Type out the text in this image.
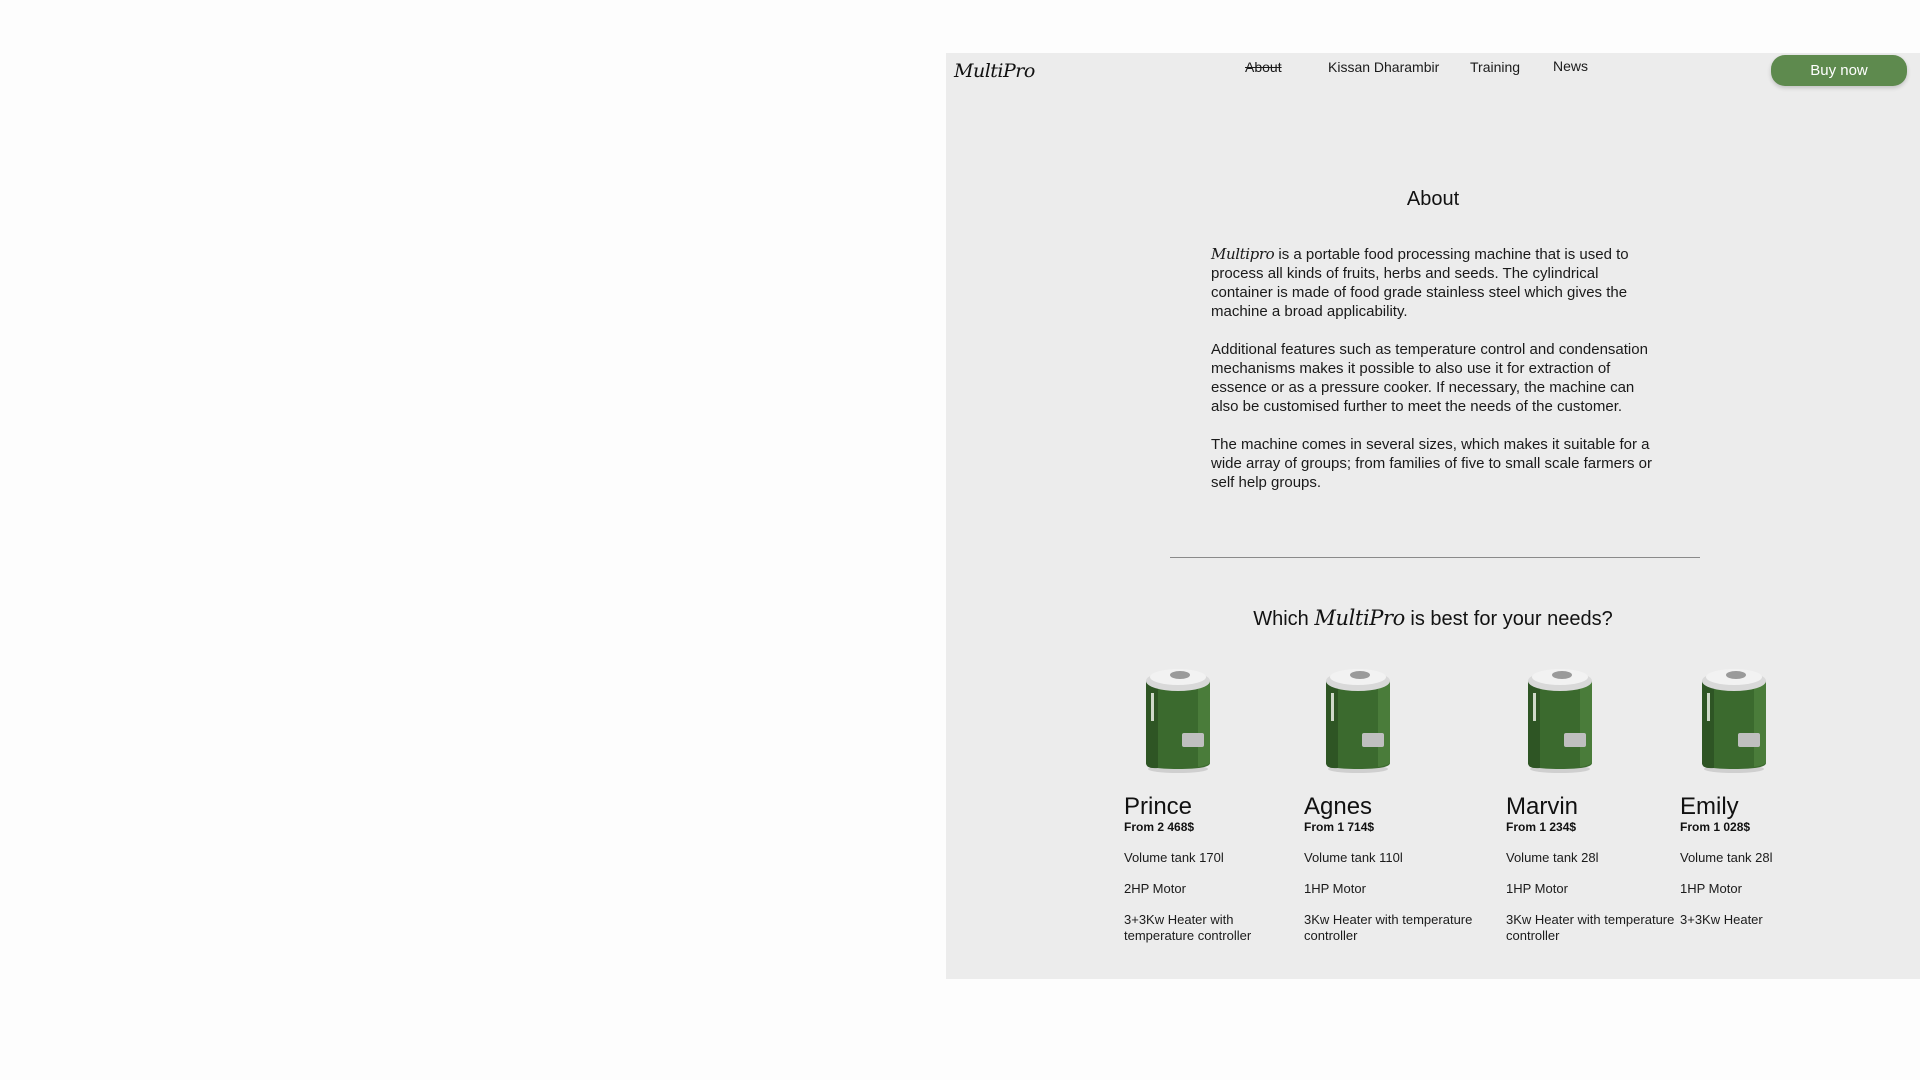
MultiPro	About	Kissan Dharambir Training News	Buy now
About

Multipro is a portable food processing machine that is used to process all kinds of fruits, herbs and seeds. The cylindrical container is made of food grade stainless steel which gives the machine a broad applicability.

Additional features such as temperature control and condensation mechanisms makes it possible to also use it for extraction of essence or as a pressure cooker. If necessary, the machine can also be customised further to meet the needs of the customer.

The machine comes in several sizes, which makes it suitable for a wide array of groups; from families of five to small scale farmers or self help groups.

Which MultiPro is best for your needs?
Prince
From 2 468$
Volume tank 170l
2HP Motor
3+3Kw Heater with temperature controller
Agnes
From 1 714$
Volume tank 110l
1HP Motor
3Kw Heater with temperature controller
Marvin
From 1 234$
Volume tank 28l
1HP Motor
3Kw Heater with temperature controller
Emily
From 1 028$
Volume tank 28l
1HP Motor
3+3Kw Heater
